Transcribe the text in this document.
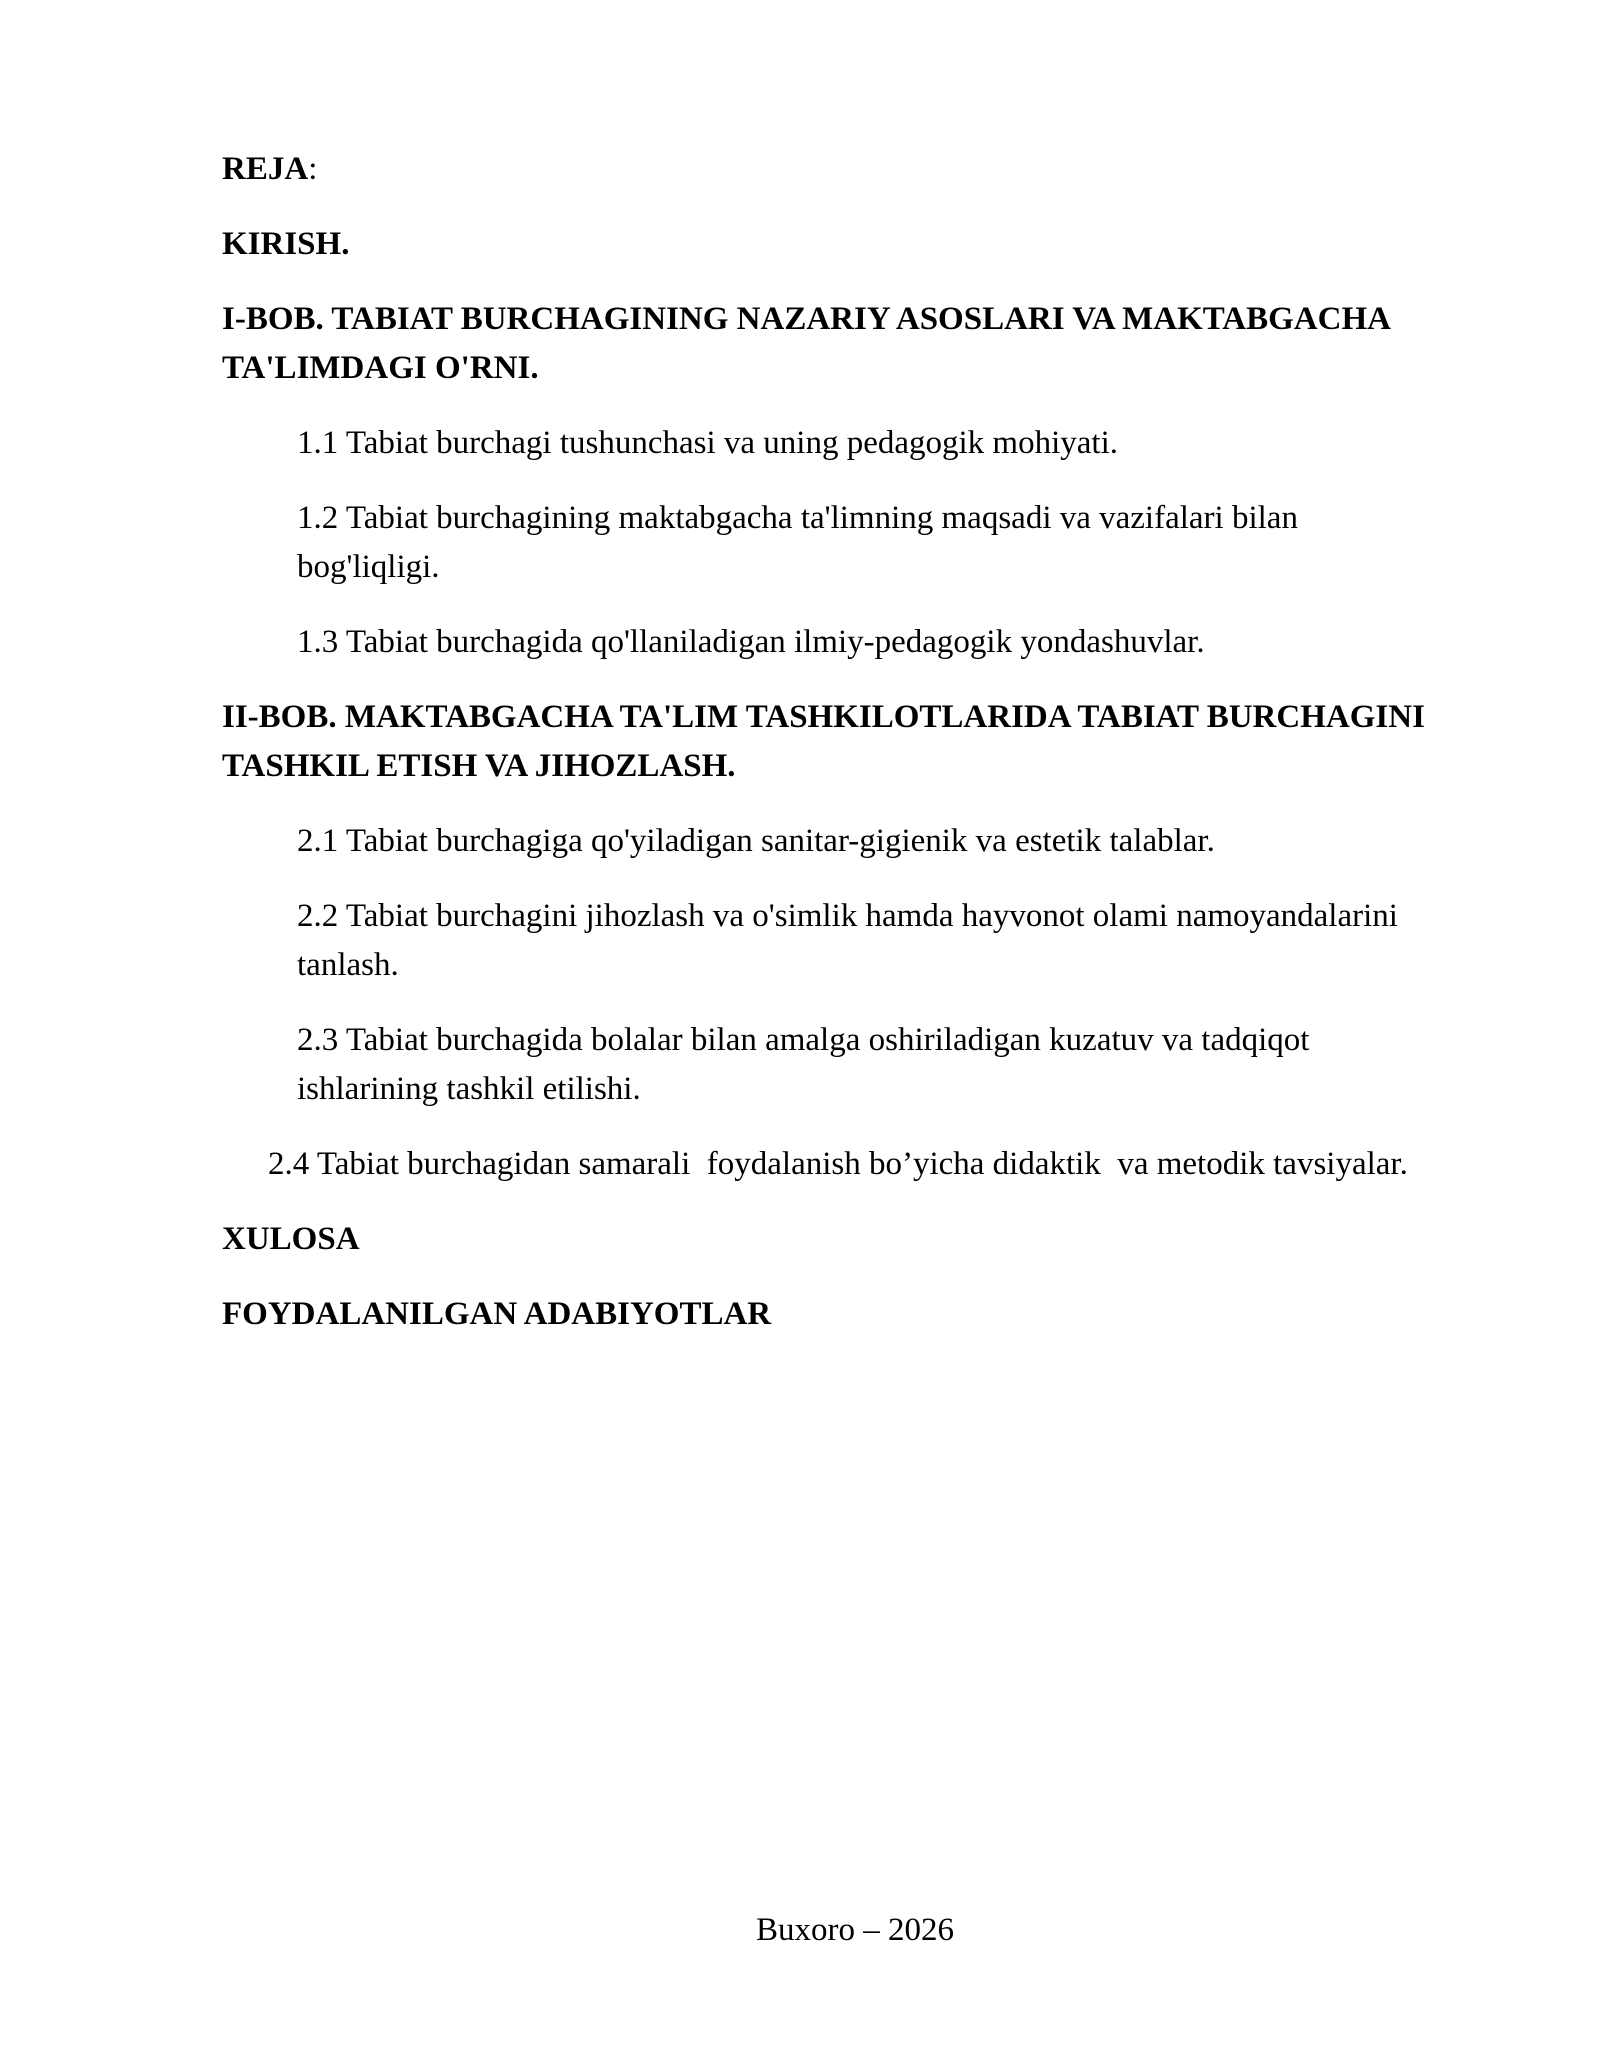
REJA:

KIRISH.

I-BOB. TABIAT BURCHAGINING NAZARIY ASOSLARI VA MAKTABGACHA TA'LIMDAGI O'RNI.

1.1 Tabiat burchagi tushunchasi va uning pedagogik mohiyati.

1.2 Tabiat burchagining maktabgacha ta'limning maqsadi va vazifalari bilan bog'liqligi.

1.3 Tabiat burchagida qo'llaniladigan ilmiy-pedagogik yondashuvlar.

II-BOB. MAKTABGACHA TA'LIM TASHKILOTLARIDA TABIAT BURCHAGINI TASHKIL ETISH VA JIHOZLASH.

2.1 Tabiat burchagiga qo'yiladigan sanitar-gigienik va estetik talablar.

2.2 Tabiat burchagini jihozlash va o'simlik hamda hayvonot olami namoyandalarini tanlash.

2.3 Tabiat burchagida bolalar bilan amalga oshiriladigan kuzatuv va tadqiqot ishlarining tashkil etilishi.

2.4 Tabiat burchagidan samarali  foydalanish bo’yicha didaktik  va metodik tavsiyalar.

XULOSA

FOYDALANILGAN ADABIYOTLAR

Buxoro – 2026
